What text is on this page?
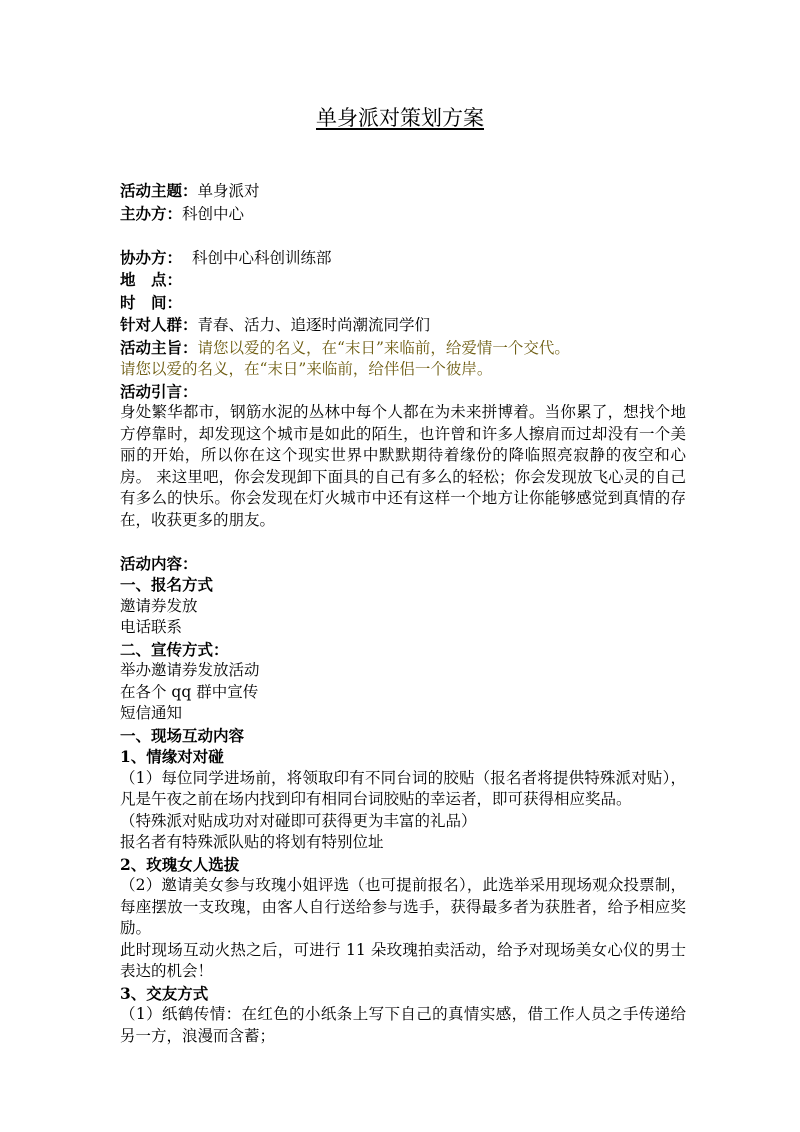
单身派对策划方案
活动主题：单身派对
主办方：科创中心
协办方： 科创中心科创训练部
地　点：
时　间：
针对人群：青春、活力、追逐时尚潮流同学们
活动主旨：请您以爱的名义，在“末日”来临前，给爱情一个交代。
请您以爱的名义，在“末日”来临前，给伴侣一个彼岸。
活动引言：
身处繁华都市，钢筋水泥的丛林中每个人都在为未来拼博着。当你累了，想找个地方停靠时，却发现这个城市是如此的陌生，也许曾和许多人擦肩而过却没有一个美丽的开始，所以你在这个现实世界中默默期待着缘份的降临照亮寂静的夜空和心房。 来这里吧，你会发现卸下面具的自己有多么的轻松；你会发现放飞心灵的自己有多么的快乐。你会发现在灯火城市中还有这样一个地方让你能够感觉到真情的存在，收获更多的朋友。
活动内容：
一、报名方式
邀请券发放
电话联系
二、宣传方式：
举办邀请券发放活动
在各个 qq 群中宣传
短信通知
一、现场互动内容
1、情缘对对碰
（1）每位同学进场前，将领取印有不同台词的胶贴（报名者将提供特殊派对贴），凡是午夜之前在场内找到印有相同台词胶贴的幸运者，即可获得相应奖品。
（特殊派对贴成功对对碰即可获得更为丰富的礼品）
报名者有特殊派队贴的将划有特别位址
2、玫瑰女人选拔
（2）邀请美女参与玫瑰小姐评选（也可提前报名），此选举采用现场观众投票制，每座摆放一支玫瑰，由客人自行送给参与选手，获得最多者为获胜者，给予相应奖励。
此时现场互动火热之后，可进行 11 朵玫瑰拍卖活动，给予对现场美女心仪的男士表达的机会！
3、交友方式
（1）纸鹤传情：在红色的小纸条上写下自己的真情实感，借工作人员之手传递给另一方，浪漫而含蓄；
